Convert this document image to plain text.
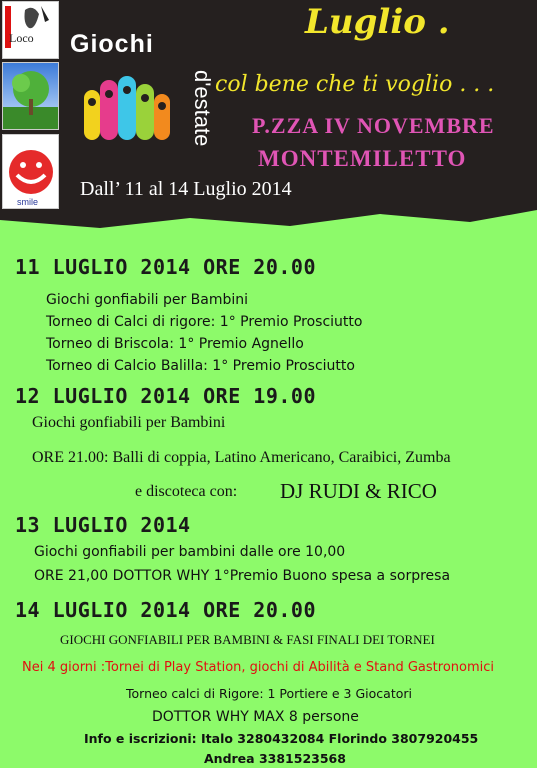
Loco
smile
Giochi
d'estate
Luglio .
col bene che ti voglio . . .
P.ZZA IV NOVEMBRE
MONTEMILETTO
Dall’ 11 al 14 Luglio 2014
11 LUGLIO 2014 ORE 20.00
Giochi gonfiabili per Bambini
Torneo di Calci di rigore: 1° Premio Prosciutto
Torneo di Briscola: 1° Premio Agnello
Torneo di Calcio Balilla: 1° Premio Prosciutto
12 LUGLIO 2014 ORE 19.00
Giochi gonfiabili per Bambini
ORE 21.00: Balli di coppia, Latino Americano, Caraibici, Zumba
e discoteca con: DJ RUDI & RICO
13 LUGLIO 2014
Giochi gonfiabili per bambini dalle ore 10,00
ORE 21,00 DOTTOR WHY 1°Premio Buono spesa a sorpresa
14 LUGLIO 2014 ORE 20.00
GIOCHI GONFIABILI PER BAMBINI & FASI FINALI DEI TORNEI
Nei 4 giorni :Tornei di Play Station, giochi di Abilità e Stand Gastronomici
Torneo calci di Rigore: 1 Portiere e 3 Giocatori
DOTTOR WHY MAX 8 persone
Info e iscrizioni: Italo 3280432084 Florindo 3807920455
Andrea 3381523568
